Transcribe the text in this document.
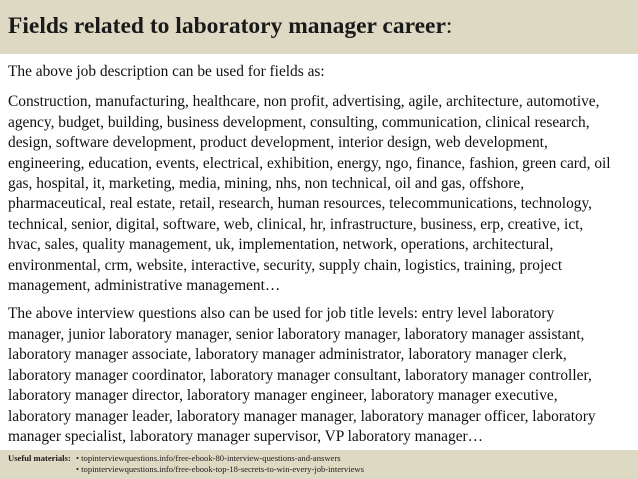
Fields related to laboratory manager career:

The above job description can be used for fields as:

Construction, manufacturing, healthcare, non profit, advertising, agile, architecture, automotive,
agency, budget, building, business development, consulting, communication, clinical research,
design, software development, product development, interior design, web development,
engineering, education, events, electrical, exhibition, energy, ngo, finance, fashion, green card, oil
gas, hospital, it, marketing, media, mining, nhs, non technical, oil and gas, offshore,
pharmaceutical, real estate, retail, research, human resources, telecommunications, technology,
technical, senior, digital, software, web, clinical, hr, infrastructure, business, erp, creative, ict,
hvac, sales, quality management, uk, implementation, network, operations, architectural,
environmental, crm, website, interactive, security, supply chain, logistics, training, project
management, administrative management…

The above interview questions also can be used for job title levels: entry level laboratory
manager, junior laboratory manager, senior laboratory manager, laboratory manager assistant,
laboratory manager associate, laboratory manager administrator, laboratory manager clerk,
laboratory manager coordinator, laboratory manager consultant, laboratory manager controller,
laboratory manager director, laboratory manager engineer, laboratory manager executive,
laboratory manager leader, laboratory manager manager, laboratory manager officer, laboratory
manager specialist, laboratory manager supervisor, VP laboratory manager…

Useful materials: • topinterviewquestions.info/free-ebook-80-interview-questions-and-answers
• topinterviewquestions.info/free-ebook-top-18-secrets-to-win-every-job-interviews
